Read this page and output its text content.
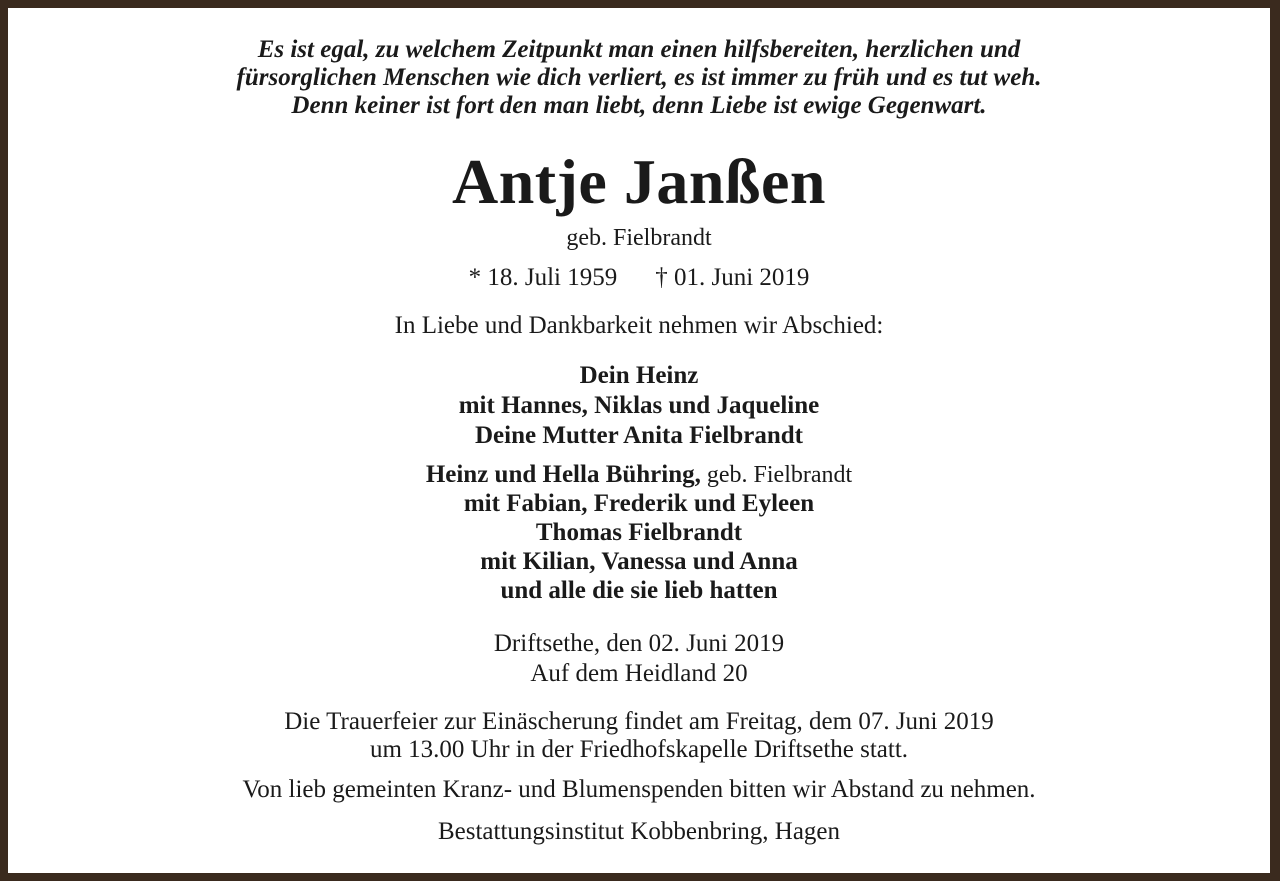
Es ist egal, zu welchem Zeitpunkt man einen hilfsbereiten, herzlichen und
fürsorglichen Menschen wie dich verliert, es ist immer zu früh und es tut weh.
Denn keiner ist fort den man liebt, denn Liebe ist ewige Gegenwart.
Antje Janßen
geb. Fielbrandt
* 18. Juli 1959 † 01. Juni 2019
In Liebe und Dankbarkeit nehmen wir Abschied:
Dein Heinz
mit Hannes, Niklas und Jaqueline
Deine Mutter Anita Fielbrandt
Heinz und Hella Bühring, geb. Fielbrandt
mit Fabian, Frederik und Eyleen
Thomas Fielbrandt
mit Kilian, Vanessa und Anna
und alle die sie lieb hatten
Driftsethe, den 02. Juni 2019
Auf dem Heidland 20
Die Trauerfeier zur Einäscherung findet am Freitag, dem 07. Juni 2019
um 13.00 Uhr in der Friedhofskapelle Driftsethe statt.
Von lieb gemeinten Kranz- und Blumenspenden bitten wir Abstand zu nehmen.
Bestattungsinstitut Kobbenbring, Hagen
